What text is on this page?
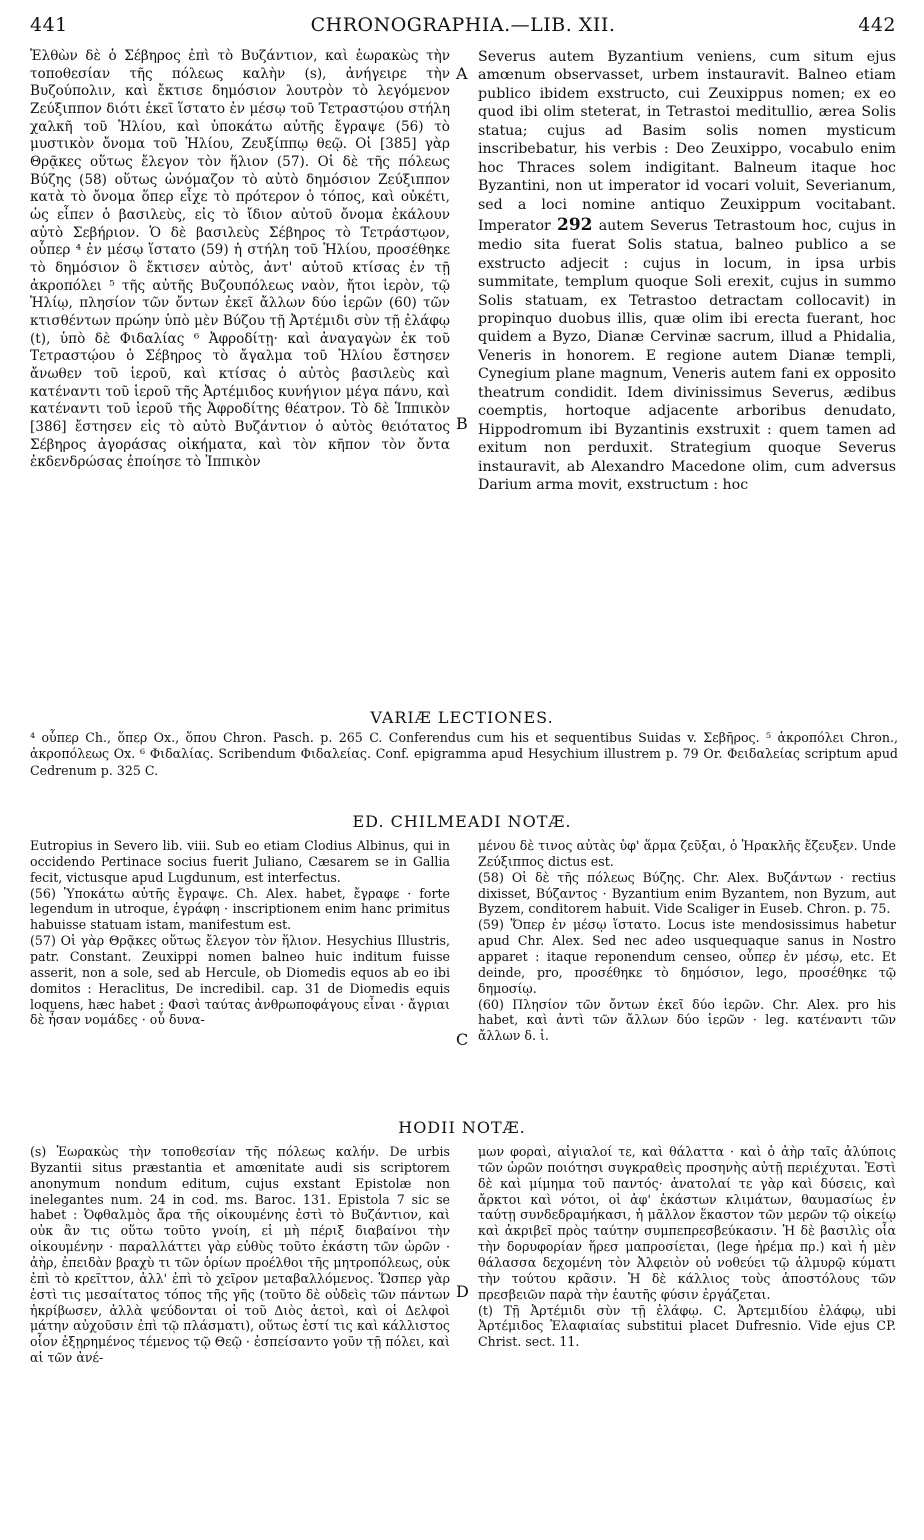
441	CHRONOGRAPHIA.—LIB. XII.	442

Ἐλθὼν δὲ ὁ Σέβηρος ἐπὶ τὸ Βυζάντιον, καὶ ἑωρακὼς τὴν τοποθεσίαν τῆς πόλεως καλὴν (s), ἀνήγειρε τὴν Βυζούπολιν, καὶ ἔκτισε δημόσιον λουτρὸν τὸ λεγόμενον Ζεύξιππον διότι ἐκεῖ ἵστατο ἐν μέσῳ τοῦ Τετραστῴου στήλη χαλκῆ τοῦ Ἡλίου, καὶ ὑποκάτω αὐτῆς ἔγραψε (56) τὸ μυστικὸν ὄνομα τοῦ Ἡλίου, Ζευξίππῳ θεῷ. Οἱ [385] γὰρ Θρᾷκες οὕτως ἔλεγον τὸν ἥλιον (57). Οἱ δὲ τῆς πόλεως Βύζης (58) οὕτως ὠνόμαζον τὸ αὐτὸ δημόσιον Ζεύξιππον κατὰ τὸ ὄνομα ὅπερ εἶχε τὸ πρότερον ὁ τόπος, καὶ οὐκέτι, ὡς εἶπεν ὁ βασιλεὺς, εἰς τὸ ἴδιον αὐτοῦ ὄνομα ἐκάλουν αὐτὸ Σεβήριον. Ὁ δὲ βασιλεὺς Σέβηρος τὸ Τετράστῳον, οὗπερ ⁴ ἐν μέσῳ ἵστατο (59) ἡ στήλη τοῦ Ἡλίου, προσέθηκε τὸ δημόσιον ὃ ἔκτισεν αὐτὸς, ἀντ' αὐτοῦ κτίσας ἐν τῇ ἀκροπόλει ⁵ τῆς αὐτῆς Βυζουπόλεως ναὸν, ἤτοι ἱερὸν, τῷ Ἡλίῳ, πλησίον τῶν ὄντων ἐκεῖ ἄλλων δύο ἱερῶν (60) τῶν κτισθέντων πρώην ὑπὸ μὲν Βύζου τῇ Ἀρτέμιδι σὺν τῇ ἐλάφῳ (t), ὑπὸ δὲ Φιδαλίας ⁶ Ἀφροδίτῃ· καὶ ἀναγαγὼν ἐκ τοῦ Τετραστῴου ὁ Σέβηρος τὸ ἄγαλμα τοῦ Ἡλίου ἔστησεν ἄνωθεν τοῦ ἱεροῦ, καὶ κτίσας ὁ αὐτὸς βασιλεὺς καὶ κατέναντι τοῦ ἱεροῦ τῆς Ἀρτέμιδος κυνήγιον μέγα πάνυ, καὶ κατέναντι τοῦ ἱεροῦ τῆς Ἀφροδίτης θέατρον. Τὸ δὲ Ἱππικὸν [386] ἔστησεν εἰς τὸ αὐτὸ Βυζάντιον ὁ αὐτὸς θειότατος Σέβηρος ἀγοράσας οἰκήματα, καὶ τὸν κῆπον τὸν ὄντα ἐκδενδρώσας ἐποίησε τὸ Ἱππικὸν

A
B

Severus autem Byzantium veniens, cum situm ejus amœnum observasset, urbem instauravit. Balneo etiam publico ibidem exstructo, cui Zeuxippus nomen; ex eo quod ibi olim steterat, in Tetrastoi meditullio, ærea Solis statua; cujus ad Basim solis nomen mysticum inscribebatur, his verbis : Deo Zeuxippo, vocabulo enim hoc Thraces solem indigitant. Balneum itaque hoc Byzantini, non ut imperator id vocari voluit, Severianum, sed a loci nomine antiquo Zeuxippum vocitabant. Imperator 292 autem Severus Tetrastoum hoc, cujus in medio sita fuerat Solis statua, balneo publico a se exstructo adjecit : cujus in locum, in ipsa urbis summitate, templum quoque Soli erexit, cujus in summo Solis statuam, ex Tetrastoo detractam collocavit) in propinquo duobus illis, quæ olim ibi erecta fuerant, hoc quidem a Byzo, Dianæ Cervinæ sacrum, illud a Phidalia, Veneris in honorem. E regione autem Dianæ templi, Cynegium plane magnum, Veneris autem fani ex opposito theatrum condidit. Idem divinissimus Severus, ædibus coemptis, hortoque adjacente arboribus denudato, Hippodromum ibi Byzantinis exstruxit : quem tamen ad exitum non perduxit. Strategium quoque Severus instauravit, ab Alexandro Macedone olim, cum adversus Darium arma movit, exstructum : hoc

VARIÆ LECTIONES.
⁴ οὗπερ Ch., ὅπερ Ox., ὅπου Chron. Pasch. p. 265 C. Conferendus cum his et sequentibus Suidas v. Σεβῆρος. ⁵ ἀκροπόλει Chron., ἀκροπόλεως Ox. ⁶ Φιδαλίας. Scribendum Φιδαλείας. Conf. epigramma apud Hesychium illustrem p. 79 Or. Φειδαλείας scriptum apud Cedrenum p. 325 C.
ED. CHILMEADI NOTÆ.

Eutropius in Severo lib. viii. Sub eo etiam Clodius Albinus, qui in occidendo Pertinace socius fuerit Juliano, Cæsarem se in Gallia fecit, victusque apud Lugdunum, est interfectus.

(56) Ὑποκάτω αὐτῆς ἔγραψε. Ch. Alex. habet, ἔγραφε · forte legendum in utroque, ἐγράφη · inscriptionem enim hanc primitus habuisse statuam istam, manifestum est.

(57) Οἱ γὰρ Θρᾷκες οὕτως ἔλεγον τὸν ἥλιον. Hesychius Illustris, patr. Constant. Zeuxippi nomen balneo huic inditum fuisse asserit, non a sole, sed ab Hercule, ob Diomedis equos ab eo ibi domitos : Heraclitus, De incredibil. cap. 31 de Diomedis equis loquens, hæc habet : Φασὶ ταύτας ἀνθρωποφάγους εἶναι · ἄγριαι δὲ ἦσαν νομάδες · οὗ δυνα-

C

μένου δὲ τινος αὐτὰς ὑφ' ἅρμα ζεῦξαι, ὁ Ἡρακλῆς ἔζευξεν. Unde Ζεύξιππος dictus est.

(58) Οἱ δὲ τῆς πόλεως Βύζης. Chr. Alex. Βυζάντων · rectius dixisset, Βύζαντος · Byzantium enim Byzantem, non Byzum, aut Byzem, conditorem habuit. Vide Scaliger in Euseb. Chron. p. 75.

(59) Ὅπερ ἐν μέσῳ ἵστατο. Locus iste mendosissimus habetur apud Chr. Alex. Sed nec adeo usquequaque sanus in Nostro apparet : itaque reponendum censeo, οὗπερ ἐν μέσῳ, etc. Et deinde, pro, προσέθηκε τὸ δημόσιον, lego, προσέθηκε τῷ δημοσίῳ.

(60) Πλησίον τῶν ὄντων ἐκεῖ δύο ἱερῶν. Chr. Alex. pro his habet, καὶ ἀντὶ τῶν ἄλλων δύο ἱερῶν · leg. κατέναντι τῶν ἄλλων δ. ἱ.

HODII NOTÆ.

(s) Ἑωρακὼς τὴν τοποθεσίαν τῆς πόλεως καλήν. De urbis Byzantii situs præstantia et amœnitate audi sis scriptorem anonymum nondum editum, cujus exstant Epistolæ non inelegantes num. 24 in cod. ms. Baroc. 131. Epistola 7 sic se habet : Ὀφθαλμὸς ἄρα τῆς οἰκουμένης ἐστὶ τὸ Βυζάντιον, καὶ οὐκ ἂν τις οὕτω τοῦτο γνοίη, εἰ μὴ πέριξ διαβαίνοι τὴν οἰκουμένην · παραλλάττει γὰρ εὐθὺς τοῦτο ἑκάστη τῶν ὡρῶν · ἀὴρ, ἐπειδὰν βραχὺ τι τῶν ὁρίων προέλθοι τῆς μητροπόλεως, οὐκ ἐπὶ τὸ κρεῖττον, ἀλλ' ἐπὶ τὸ χεῖρον μεταβαλλόμενος. Ὥσπερ γὰρ ἐστὶ τις μεσαίτατος τόπος τῆς γῆς (τοῦτο δὲ οὐδεὶς τῶν πάντων ἠκρίβωσεν, ἀλλὰ ψεύδονται οἱ τοῦ Διὸς ἀετοὶ, καὶ οἱ Δελφοὶ μάτην αὐχοῦσιν ἐπὶ τῷ πλάσματι), οὕτως ἐστί τις καὶ κάλλιστος οἷον ἐξῃρημένος τέμενος τῷ Θεῷ · ἐσπείσαντο γοῦν τῇ πόλει, καὶ αἱ τῶν ἀνέ-

D

μων φοραὶ, αἰγιαλοί τε, καὶ θάλαττα · καὶ ὁ ἀὴρ ταῖς ἀλύποις τῶν ὡρῶν ποιότησι συγκραθεὶς προσηνὴς αὐτῇ περιέχυται. Ἐστὶ δὲ καὶ μίμημα τοῦ παντός· ἀνατολαί τε γὰρ καὶ δύσεις, καὶ ἄρκτοι καὶ νότοι, οἱ ἀφ' ἑκάστων κλιμάτων, θαυμασίως ἐν ταύτῃ συνδεδραμήκασι, ἡ μᾶλλον ἕκαστον τῶν μερῶν τῷ οἰκείῳ καὶ ἀκριβεῖ πρὸς ταύτην συμπεπρεσβεύκασιν. Ἡ δὲ βασιλὶς οἷα τὴν δορυφορίαν ἥρεσ μαπροσίεται, (lege ἠρέμα πρ.) καὶ ἡ μὲν θάλασσα δεχομένη τὸν Ἀλφειὸν οὐ νοθεύει τῷ ἁλμυρῷ κύματι τὴν τούτου κρᾶσιν. Ἡ δὲ κάλλιος τοὺς ἀποστόλους τῶν πρεσβειῶν παρὰ τὴν ἑαυτῆς φύσιν ἐργάζεται.

(t) Τῇ Ἀρτέμιδι σὺν τῇ ἐλάφῳ. C. Ἀρτεμιδίου ἐλάφῳ, ubi Ἀρτέμιδος Ἐλαφιαίας substitui placet Dufresnio. Vide ejus CP. Christ. sect. 11.
